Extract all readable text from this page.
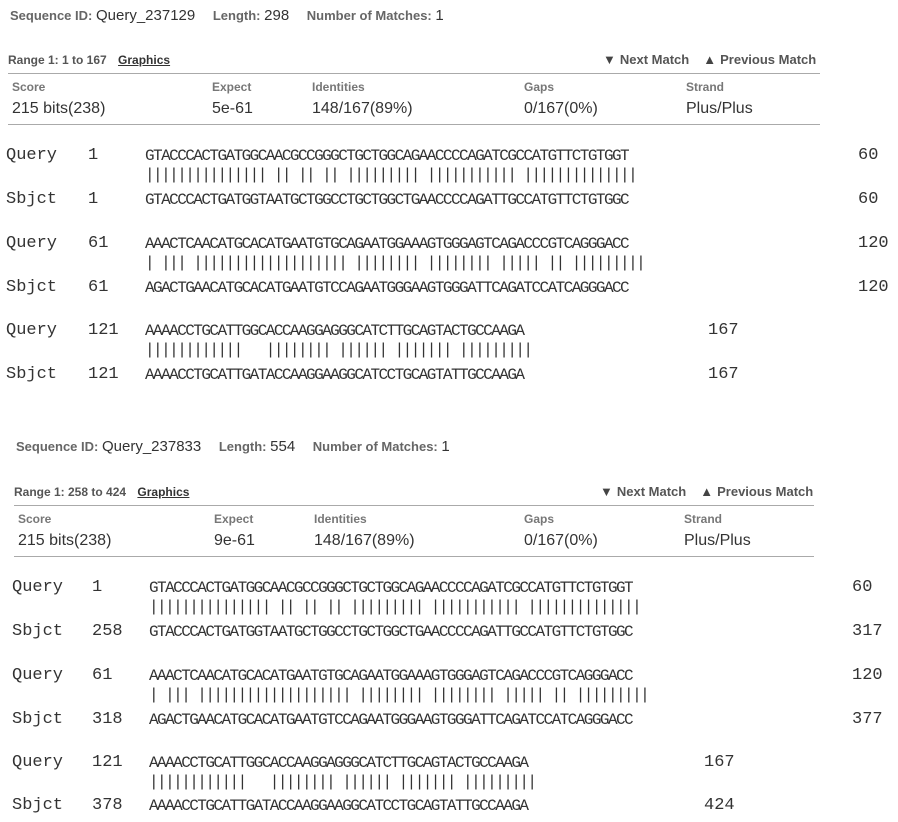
Sequence ID: Query_237129 Length: 298 Number of Matches: 1
Range 1: 1 to 167 Graphics	▼ Next Match ▲ Previous Match
Score	Expect	Identities	Gaps	Strand
215 bits(238)	5e-61	148/167(89%)	0/167(0%)	Plus/Plus
Query 1	GTACCCACTGATGGCAACGCCGGGCTGCTGGCAGAACCCCAGATCGCCATGTTCTGTGGT	60
||||||||||||||| || || || ||||||||| ||||||||||| ||||||||||||||
Sbjct 1	GTACCCACTGATGGTAATGCTGGCCTGCTGGCTGAACCCCAGATTGCCATGTTCTGTGGC	60
Query 61 AAACTCAACATGCACATGAATGTGCAGAATGGAAAGTGGGAGTCAGACCCGTCAGGGACC	120
| ||| ||||||||||||||||||| |||||||| |||||||| ||||| || |||||||||
Sbjct 61 AGACTGAACATGCACATGAATGTCCAGAATGGGAAGTGGGATTCAGATCCATCAGGGACC	120
Query 121 AAAACCTGCATTGGCACCAAGGAGGGCATCTTGCAGTACTGCCAAGA	167
||||||||||||   |||||||| |||||| ||||||| |||||||||
Sbjct 121 AAAACCTGCATTGATACCAAGGAAGGCATCCTGCAGTATTGCCAAGA	167
Sequence ID: Query_237833 Length: 554 Number of Matches: 1
Range 1: 258 to 424 Graphics	▼ Next Match ▲ Previous Match
Score	Expect	Identities	Gaps	Strand
215 bits(238)	9e-61	148/167(89%)	0/167(0%)	Plus/Plus
Query 1	GTACCCACTGATGGCAACGCCGGGCTGCTGGCAGAACCCCAGATCGCCATGTTCTGTGGT	60
||||||||||||||| || || || ||||||||| ||||||||||| ||||||||||||||
Sbjct 258 GTACCCACTGATGGTAATGCTGGCCTGCTGGCTGAACCCCAGATTGCCATGTTCTGTGGC	317
Query 61 AAACTCAACATGCACATGAATGTGCAGAATGGAAAGTGGGAGTCAGACCCGTCAGGGACC	120
| ||| ||||||||||||||||||| |||||||| |||||||| ||||| || |||||||||
Sbjct 318 AGACTGAACATGCACATGAATGTCCAGAATGGGAAGTGGGATTCAGATCCATCAGGGACC	377
Query 121 AAAACCTGCATTGGCACCAAGGAGGGCATCTTGCAGTACTGCCAAGA	167
||||||||||||   |||||||| |||||| ||||||| |||||||||
Sbjct 378 AAAACCTGCATTGATACCAAGGAAGGCATCCTGCAGTATTGCCAAGA	424
